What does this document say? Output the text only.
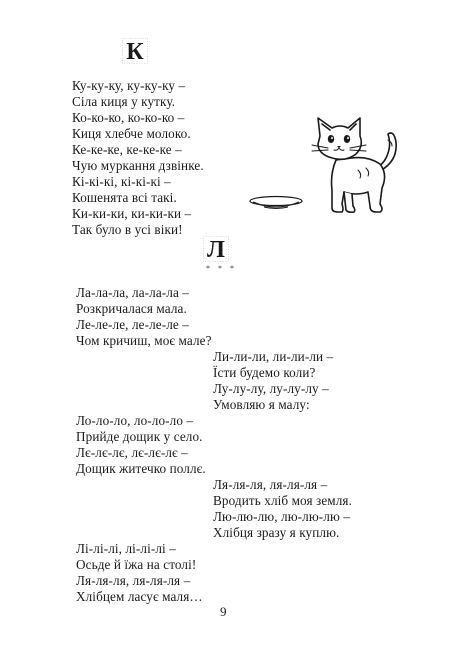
К
Ку-ку-ку, ку-ку-ку –
Сіла киця у кутку.
Ко-ко-ко, ко-ко-ко –
Киця хлебче молоко.
Ке-ке-ке, ке-ке-ке –
Чую муркання дзвінке.
Кі-кі-кі, кі-кі-кі –
Кошенята всі такі.
Ки-ки-ки, ки-ки-ки –
Так було в усі віки!
Л
* * *
Ла-ла-ла, ла-ла-ла –
Розкричалася мала.
Ле-ле-ле, ле-ле-ле –
Чом кричиш, моє мале?
Ли-ли-ли, ли-ли-ли –
Їсти будемо коли?
Лу-лу-лу, лу-лу-лу –
Умовляю я малу:
Ло-ло-ло, ло-ло-ло –
Прийде дощик у село.
Лє-лє-лє, лє-лє-лє –
Дощик житечко поллє.
Ля-ля-ля, ля-ля-ля –
Вродить хліб моя земля.
Лю-лю-лю, лю-лю-лю –
Хлібця зразу я куплю.
Лі-лі-лі, лі-лі-лі –
Осьде й їжа на столі!
Ля-ля-ля, ля-ля-ля –
Хлібцем ласує маля…
9
